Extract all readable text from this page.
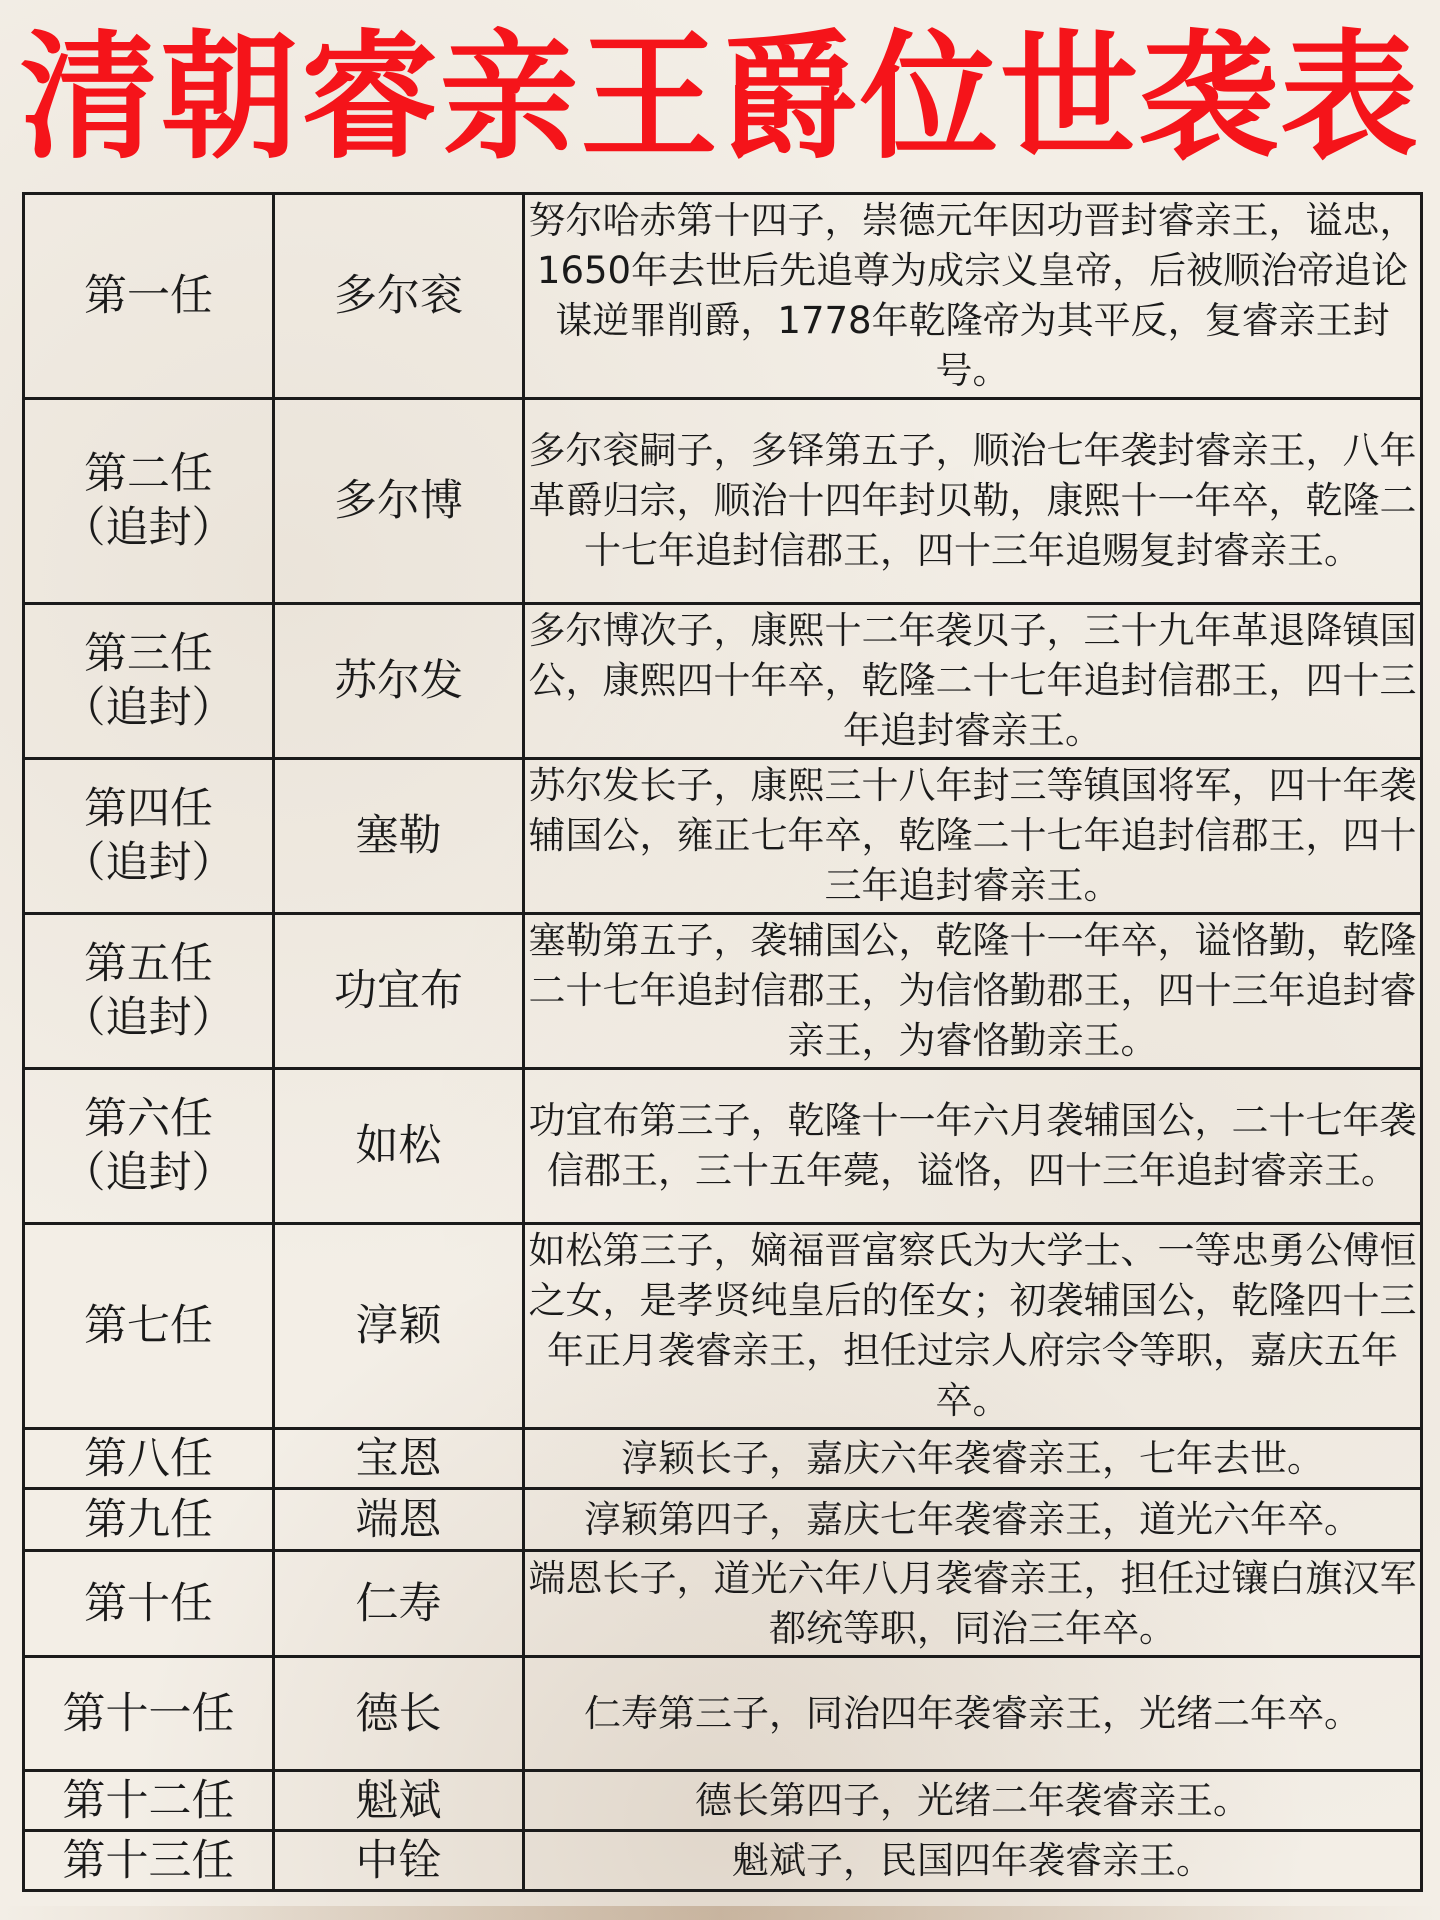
清朝睿亲王爵位世袭表
第一任	多尔衮	努尔哈赤第十四子，崇德元年因功晋封睿亲王，谥忠，1650年去世后先追尊为成宗义皇帝，后被顺治帝追论谋逆罪削爵，1778年乾隆帝为其平反，复睿亲王封号。

第二任
（追封）	多尔博	多尔衮嗣子，多铎第五子，顺治七年袭封睿亲王，八年革爵归宗，顺治十四年封贝勒，康熙十一年卒，乾隆二十七年追封信郡王，四十三年追赐复封睿亲王。

第三任
（追封）	苏尔发	多尔博次子，康熙十二年袭贝子，三十九年革退降镇国公，康熙四十年卒，乾隆二十七年追封信郡王，四十三年追封睿亲王。

第四任
（追封）	塞勒	苏尔发长子，康熙三十八年封三等镇国将军，四十年袭辅国公，雍正七年卒，乾隆二十七年追封信郡王，四十三年追封睿亲王。

第五任
（追封）	功宜布	塞勒第五子，袭辅国公，乾隆十一年卒，谥恪勤，乾隆二十七年追封信郡王，为信恪勤郡王，四十三年追封睿亲王，为睿恪勤亲王。

第六任
（追封）	如松	功宜布第三子，乾隆十一年六月袭辅国公，二十七年袭信郡王，三十五年薨，谥恪，四十三年追封睿亲王。

第七任	淳颖	如松第三子，嫡福晋富察氏为大学士、一等忠勇公傅恒之女，是孝贤纯皇后的侄女；初袭辅国公，乾隆四十三年正月袭睿亲王，担任过宗人府宗令等职，嘉庆五年卒。

第八任	宝恩	淳颖长子，嘉庆六年袭睿亲王，七年去世。

第九任	端恩	淳颖第四子，嘉庆七年袭睿亲王，道光六年卒。

第十任	仁寿	端恩长子，道光六年八月袭睿亲王，担任过镶白旗汉军都统等职，同治三年卒。

第十一任	德长	仁寿第三子，同治四年袭睿亲王，光绪二年卒。

第十二任	魁斌	德长第四子，光绪二年袭睿亲王。

第十三任	中铨	魁斌子，民国四年袭睿亲王。
